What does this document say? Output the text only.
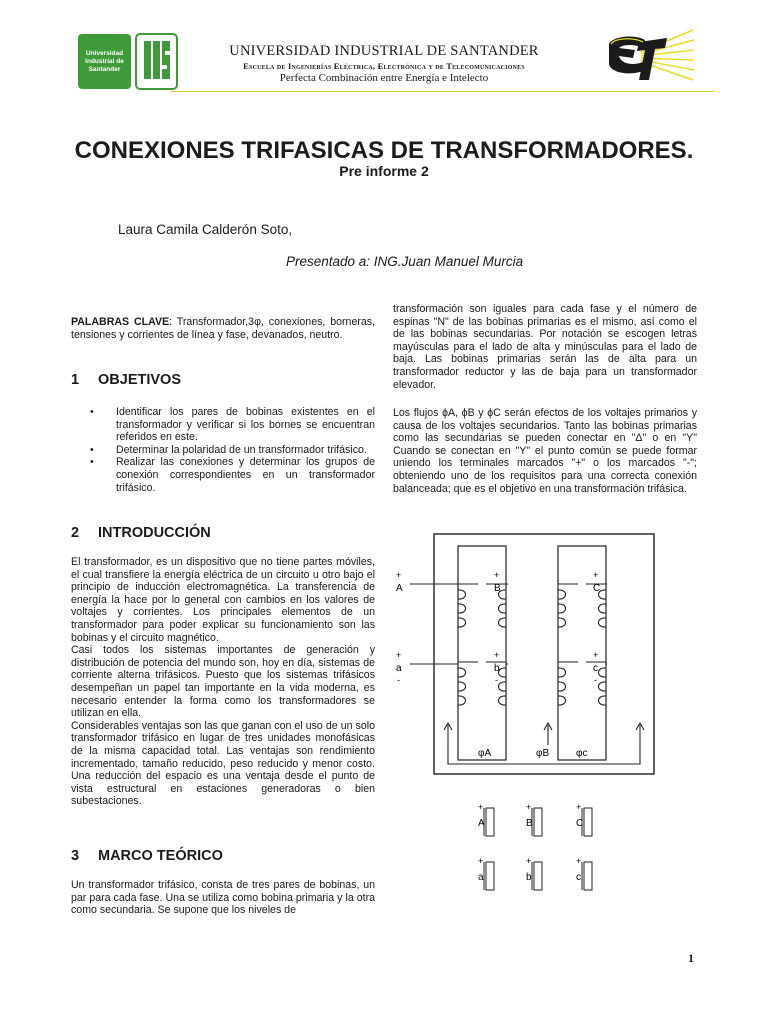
Universidad
Industrial de
Santander
UNIVERSIDAD INDUSTRIAL DE SANTANDER
Escuela de Ingenierías Eléctrica, Electrónica y de Telecomunicaciones
Perfecta Combinación entre Energía e Intelecto
CONEXIONES TRIFASICAS DE TRANSFORMADORES.
Pre informe 2
Laura Camila Calderón Soto,
Presentado a: ING.Juan Manuel Murcia
PALABRAS CLAVE: Transformador,3φ, conexiones, borneras, tensiones y corrientes de línea y fase, devanados, neutro.
1 OBJETIVOS
• Identificar los pares de bobinas existentes en el transformador y verificar si los bornes se encuentran referidos en este.
• Determinar la polaridad de un transformador trifásico.
• Realizar las conexiones y determinar los grupos de conexión correspondientes en un transformador trifásico.
2 INTRODUCCIÓN
El transformador, es un dispositivo que no tiene partes móviles, el cual transfiere la energía eléctrica de un circuito u otro bajo el principio de inducción electromagnética. La transferencia de energía la hace por lo general con cambios en los valores de voltajes y corrientes. Los principales elementos de un transformador para poder explicar su funcionamiento son las bobinas y el circuito magnético.
Casi todos los sistemas importantes de generación y distribución de potencia del mundo son, hoy en día, sistemas de corriente alterna trifásicos. Puesto que los sistemas trifásicos desempeñan un papel tan importante en la vida moderna, es necesario entender la forma como los transformadores se utilizan en ella.
Considerables ventajas son las que ganan con el uso de un solo transformador trifásico en lugar de tres unidades monofásicas de la misma capacidad total. Las ventajas son rendimiento incrementado, tamaño reducido, peso reducido y menor costo. Una reducción del espacio es una ventaja desde el punto de vista estructural en estaciones generadoras o bien subestaciones.
3 MARCO TEÓRICO
Un transformador trifásico, consta de tres pares de bobinas, un par para cada fase. Una se utiliza como bobina primaria y la otra como secundaria. Se supone que los niveles de
transformación son iguales para cada fase y el número de espinas "N" de las bobinas primarias es el mismo, así como el de las bobinas secundarias. Por notación se escogen letras mayúsculas para el lado de alta y minúsculas para el lado de baja. Las bobinas primarias serán las de alta para un transformador reductor y las de baja para un transformador elevador.
Los flujos ϕA, ϕB y ϕC serán efectos de los voltajes primarios y causa de los voltajes secundarios. Tanto las bobinas primarias como las secundarias se pueden conectar en "Δ" o en "Y" Cuando se conectan en "Y" el punto común se puede formar uniendo los terminales marcados "+" o los marcados "-"; obteniendo uno de los requisitos para una correcta conexión balanceada; que es el objetivo en una transformación trifásica.
+
A
+
B
+
C
+
a
-
+
b
-
+
c
-
φA	φB	φc
+
A
+
B
+
C
+
a
+
b
+
c
1
